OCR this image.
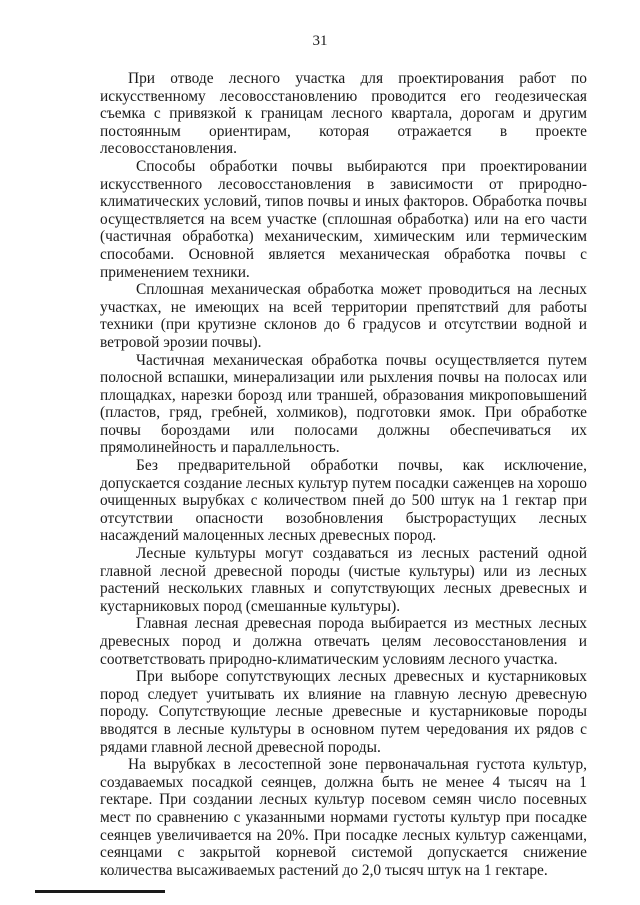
31

При отводе лесного участка для проектирования работ по искусственному лесовосстановлению проводится его геодезическая съемка с привязкой к границам лесного квартала, дорогам и другим постоянным ориентирам, которая отражается в проекте лесовосстановления.

Способы обработки почвы выбираются при проектировании искусственного лесовосстановления в зависимости от природно-климатических условий, типов почвы и иных факторов. Обработка почвы осуществляется на всем участке (сплошная обработка) или на его части (частичная обработка) механическим, химическим или термическим способами. Основной является механическая обработка почвы с применением техники.

Сплошная механическая обработка может проводиться на лесных участках, не имеющих на всей территории препятствий для работы техники (при крутизне склонов до 6 градусов и отсутствии водной и ветровой эрозии почвы).

Частичная механическая обработка почвы осуществляется путем полосной вспашки, минерализации или рыхления почвы на полосах или площадках, нарезки борозд или траншей, образования микроповышений (пластов, гряд, гребней, холмиков), подготовки ямок. При обработке почвы бороздами или полосами должны обеспечиваться их прямолинейность и параллельность.

Без предварительной обработки почвы, как исключение, допускается создание лесных культур путем посадки саженцев на хорошо очищенных вырубках с количеством пней до 500 штук на 1 гектар при отсутствии опасности возобновления быстрорастущих лесных насаждений малоценных лесных древесных пород.

Лесные культуры могут создаваться из лесных растений одной главной лесной древесной породы (чистые культуры) или из лесных растений нескольких главных и сопутствующих лесных древесных и кустарниковых пород (смешанные культуры).

Главная лесная древесная порода выбирается из местных лесных древесных пород и должна отвечать целям лесовосстановления и соответствовать природно-климатическим условиям лесного участка.

При выборе сопутствующих лесных древесных и кустарниковых пород следует учитывать их влияние на главную лесную древесную породу. Сопутствующие лесные древесные и кустарниковые породы вводятся в лесные культуры в основном путем чередования их рядов с рядами главной лесной древесной породы.

На вырубках в лесостепной зоне первоначальная густота культур, создаваемых посадкой сеянцев, должна быть не менее 4 тысяч на 1 гектаре. При создании лесных культур посевом семян число посевных мест по сравнению с указанными нормами густоты культур при посадке сеянцев увеличивается на 20%. При посадке лесных культур саженцами, сеянцами с закрытой корневой системой допускается снижение количества высаживаемых растений до 2,0 тысяч штук на 1 гектаре.
